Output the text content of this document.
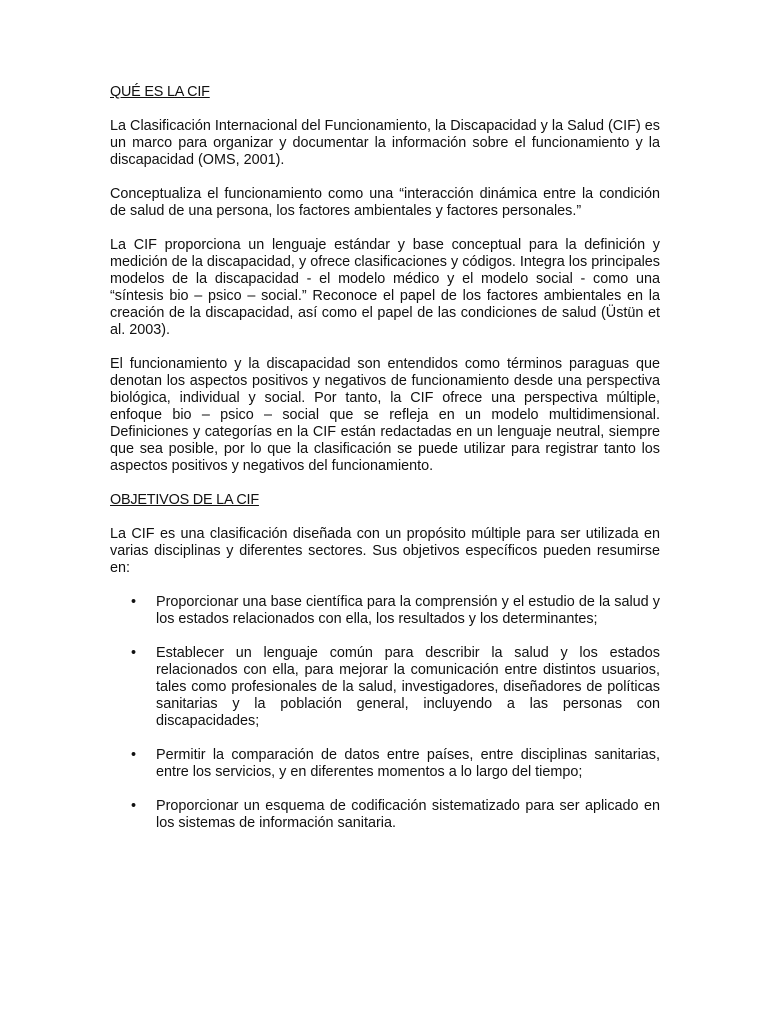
QUÉ ES LA CIF

La Clasificación Internacional del Funcionamiento, la Discapacidad y la Salud (CIF) es un marco para organizar y documentar la información sobre el funcionamiento y la discapacidad (OMS, 2001).

Conceptualiza el funcionamiento como una “interacción dinámica entre la condición de salud de una persona, los factores ambientales y factores personales.”

La CIF proporciona un lenguaje estándar y base conceptual para la definición y medición de la discapacidad, y ofrece clasificaciones y códigos. Integra los principales modelos de la discapacidad - el modelo médico y el modelo social - como una “síntesis bio – psico – social.” Reconoce el papel de los factores ambientales en la creación de la discapacidad, así como el papel de las condiciones de salud (Üstün et al. 2003).

El funcionamiento y la discapacidad son entendidos como términos paraguas que denotan los aspectos positivos y negativos de funcionamiento desde una perspectiva biológica, individual y social. Por tanto, la CIF ofrece una perspectiva múltiple, enfoque bio – psico – social que se refleja en un modelo multidimensional. Definiciones y categorías en la CIF están redactadas en un lenguaje neutral, siempre que sea posible, por lo que la clasificación se puede utilizar para registrar tanto los aspectos positivos y negativos del funcionamiento.

OBJETIVOS DE LA CIF

La CIF es una clasificación diseñada con un propósito múltiple para ser utilizada en varias disciplinas y diferentes sectores. Sus objetivos específicos pueden resumirse en:

• Proporcionar una base científica para la comprensión y el estudio de la salud y los estados relacionados con ella, los resultados y los determinantes;
• Establecer un lenguaje común para describir la salud y los estados relacionados con ella, para mejorar la comunicación entre distintos usuarios, tales como profesionales de la salud, investigadores, diseñadores de políticas sanitarias y la población general, incluyendo a las personas con discapacidades;
• Permitir la comparación de datos entre países, entre disciplinas sanitarias, entre los servicios, y en diferentes momentos a lo largo del tiempo;
• Proporcionar un esquema de codificación sistematizado para ser aplicado en los sistemas de información sanitaria.
